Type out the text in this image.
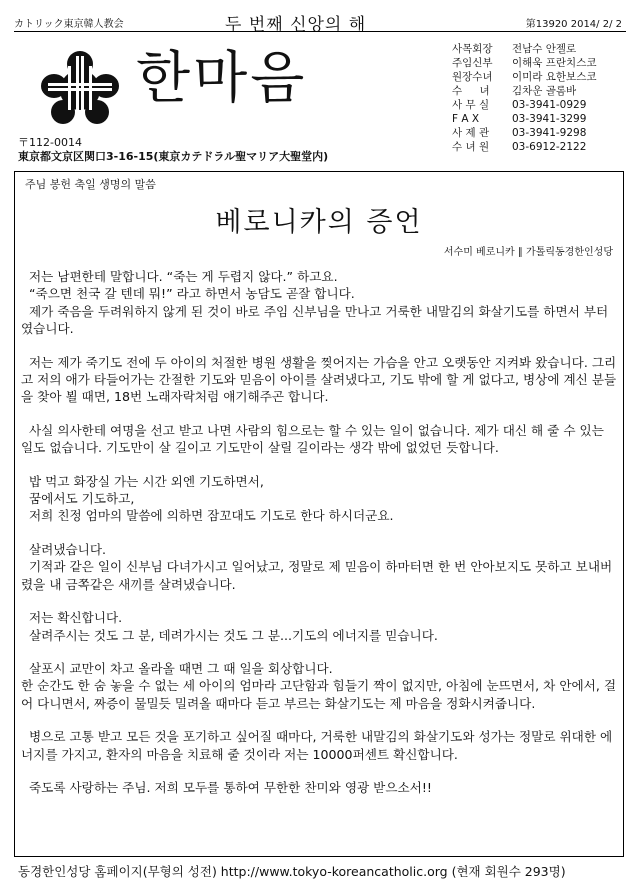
カトリック東京韓人教会	두 번째 신앙의 해	第13920 2014/ 2/ 2
한마음
〒112-0014
東京都文京区関口3-16-15(東京カテドラル聖マリア大聖堂内)
사목회장	전남수 안젤로
주임신부	이해욱 프란치스코
원장수녀	이미라 요한보스코
수 녀	김차운 골롬바
사 무 실	03-3941-0929
F A X	03-3941-3299
사 제 관	03-3941-9298
수 녀 원	03-6912-2122
주님 봉헌 축일 생명의 말씀
베로니카의 증언
서수미 베로니카 ∥ 가톨릭동경한인성당

저는 남편한테 말합니다. “죽는 게 두렵지 않다.” 하고요.

“죽으면 천국 갈 텐데 뭐!” 라고 하면서 농담도 곧잘 합니다.

제가 죽음을 두려워하지 않게 된 것이 바로 주임 신부님을 만나고 거룩한 내말김의 화살기도를 하면서 부터였습니다.

저는 제가 죽기도 전에 두 아이의 처절한 병원 생활을 찢어지는 가슴을 안고 오랫동안 지켜봐 왔습니다. 그리고 저의 애가 타들어가는 간절한 기도와 믿음이 아이를 살려냈다고, 기도 밖에 할 게 없다고, 병상에 계신 분들을 찾아 뵐 때면, 18번 노래자락처럼 얘기해주곤 합니다.

사실 의사한테 여명을 선고 받고 나면 사람의 힘으로는 할 수 있는 일이 없습니다. 제가 대신 해 줄 수 있는 일도 없습니다. 기도만이 살 길이고 기도만이 살릴 길이라는 생각 밖에 없었던 듯합니다.

밥 먹고 화장실 가는 시간 외엔 기도하면서,

꿈에서도 기도하고,

저희 친정 엄마의 말씀에 의하면 잠꼬대도 기도로 한다 하시더군요.

살려냈습니다.

기적과 같은 일이 신부님 다녀가시고 일어났고, 정말로 제 믿음이 하마터면 한 번 안아보지도 못하고 보내버렸을 내 금쪽같은 새끼를 살려냈습니다.

저는 확신합니다.

살려주시는 것도 그 분, 데려가시는 것도 그 분...기도의 에너지를 믿습니다.

살포시 교만이 차고 올라올 때면 그 때 일을 회상합니다.

한 순간도 한 숨 놓을 수 없는 세 아이의 엄마라 고단함과 힘들기 짝이 없지만, 아침에 눈뜨면서, 차 안에서, 걸어 다니면서, 짜증이 물밀듯 밀려올 때마다 듣고 부르는 화살기도는 제 마음을 정화시켜줍니다.

병으로 고통 받고 모든 것을 포기하고 싶어질 때마다, 거룩한 내말김의 화살기도와 성가는 정말로 위대한 에너지를 가지고, 환자의 마음을 치료해 줄 것이라 저는 10000퍼센트 확신합니다.

죽도록 사랑하는 주님. 저희 모두를 통하여 무한한 찬미와 영광 받으소서!!

동경한인성당 홈페이지(무형의 성전) http://www.tokyo-koreancatholic.org (현재 회원수 293명)
